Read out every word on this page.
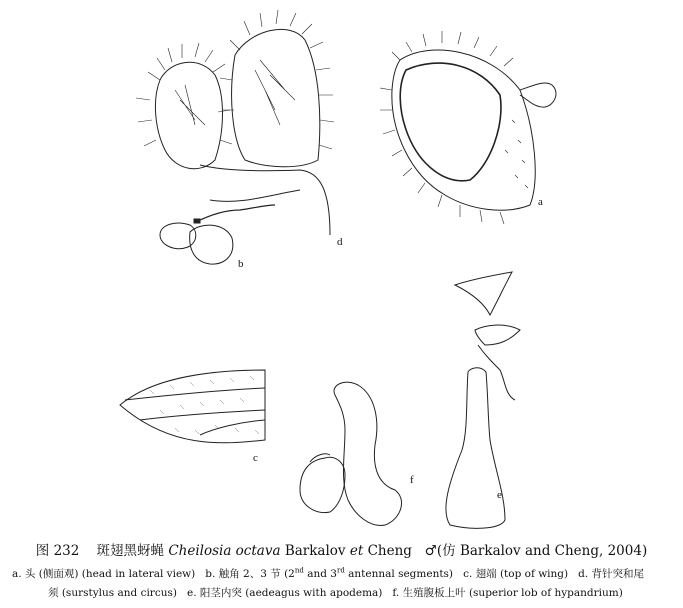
a
b
c
d
e
f
图 232 斑翅黑蚜蝇 Cheilosia octava Barkalov et Cheng ♂(仿 Barkalov and Cheng, 2004)
a. 头 (侧面观) (head in lateral view) b. 触角 2、3 节 (2nd and 3rd antennal segments) c. 翅端 (top of wing) d. 背针突和尾
须 (surstylus and circus) e. 阳茎内突 (aedeagus with apodema) f. 生殖腹板上叶 (superior lob of hypandrium)
